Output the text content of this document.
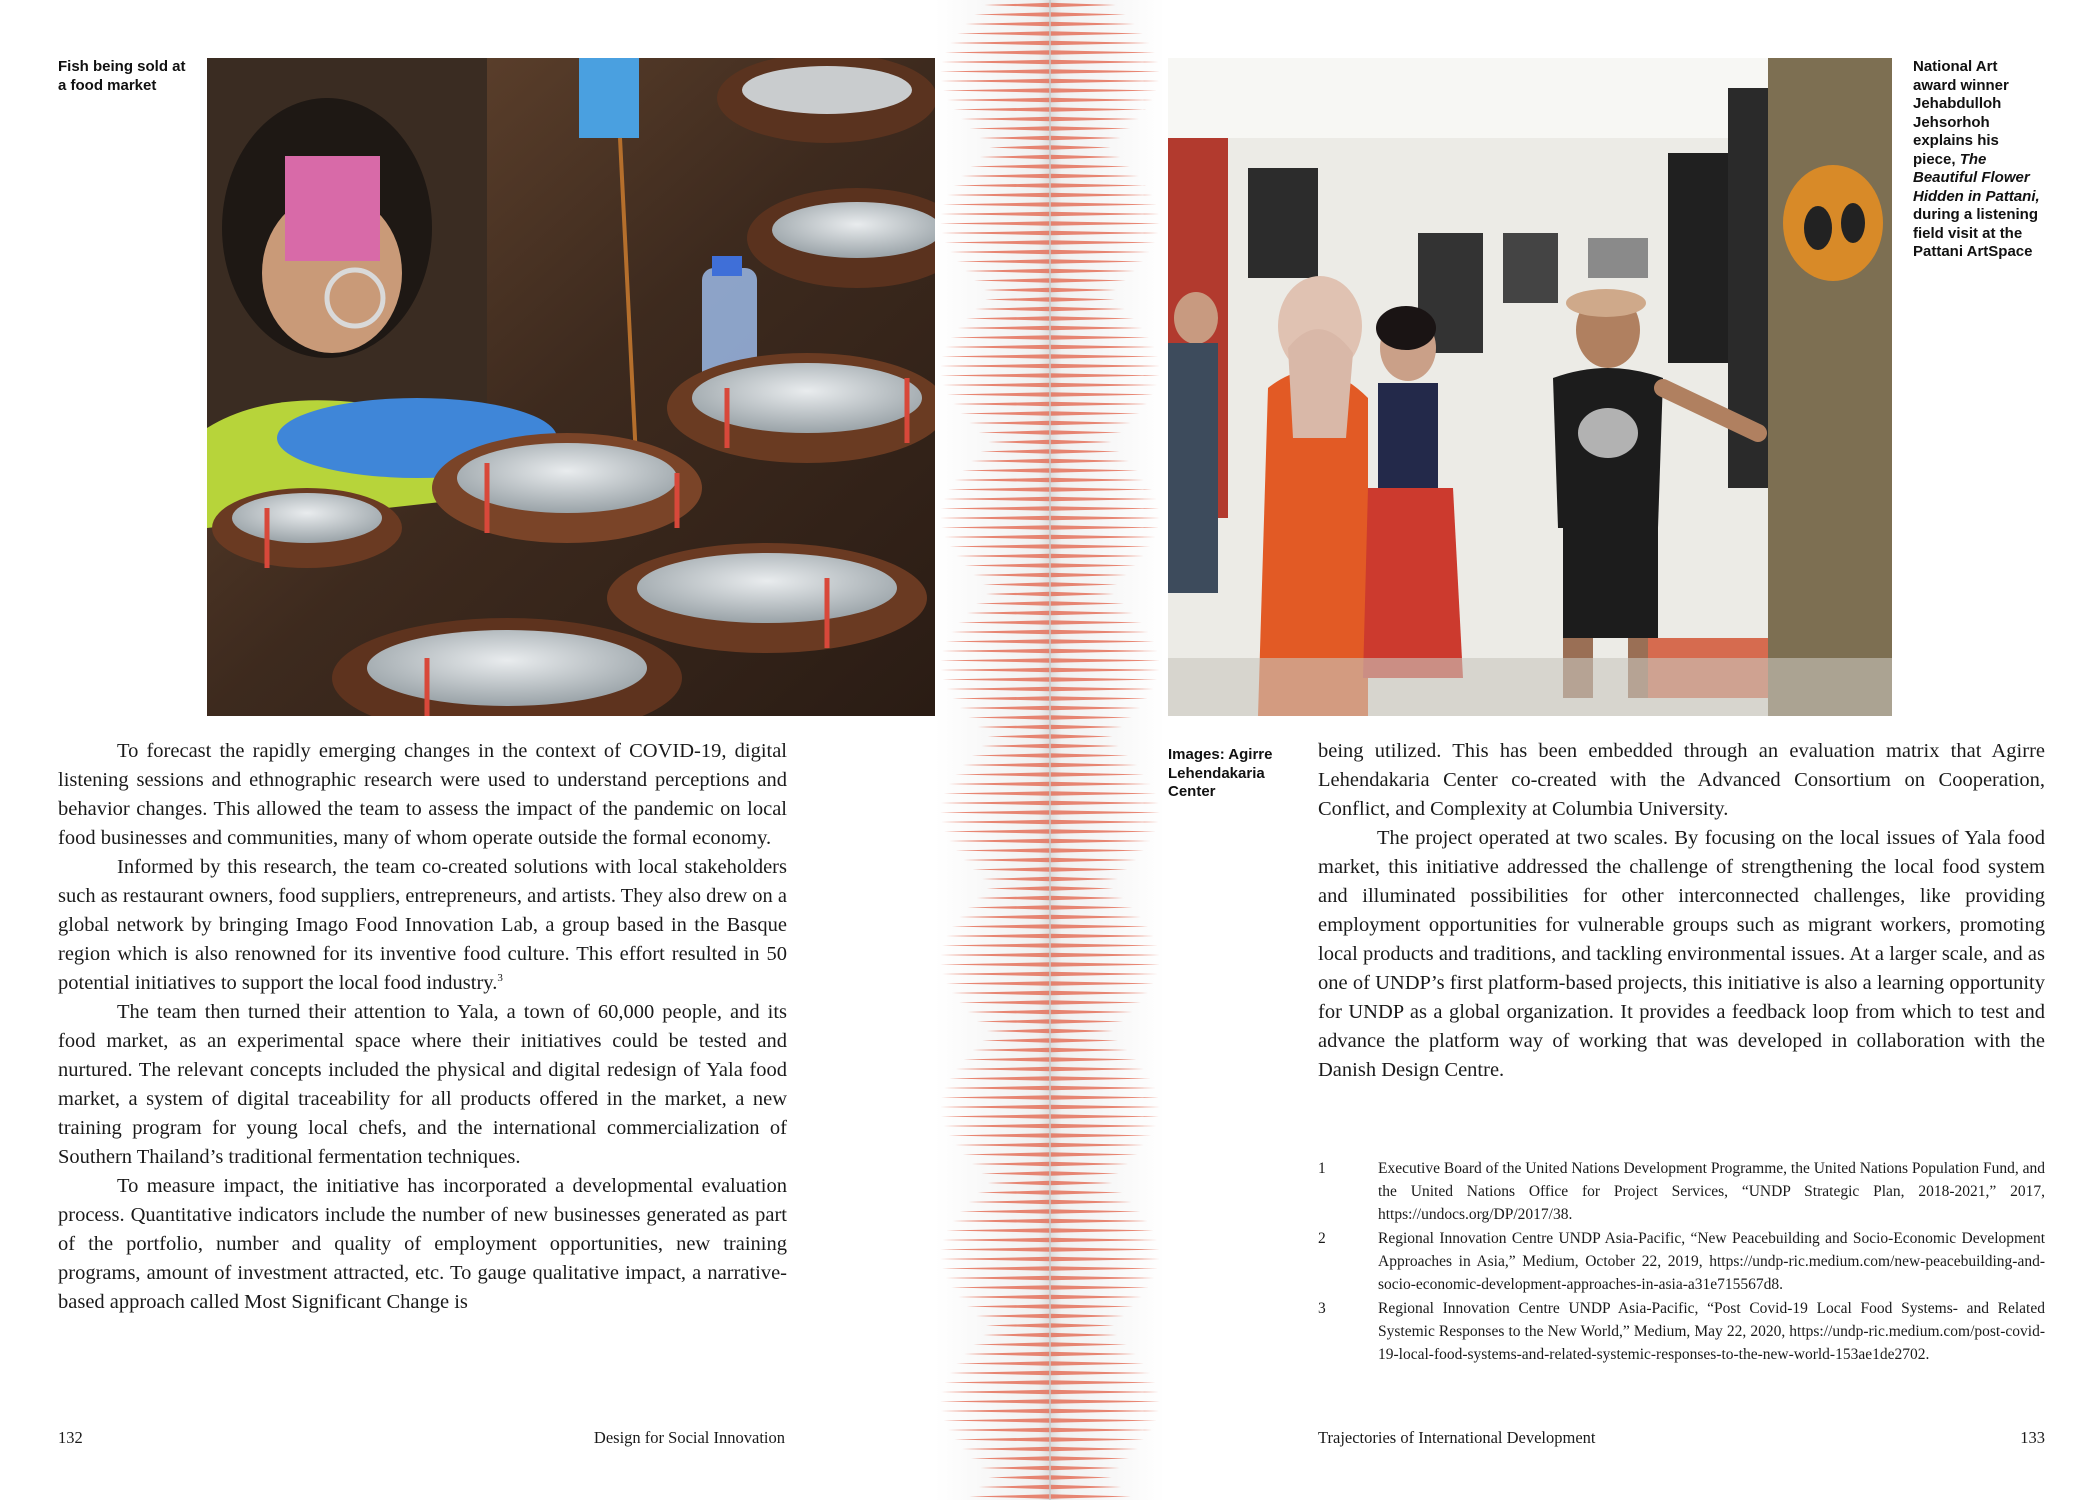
Fish being sold at a food market

To forecast the rapidly emerging changes in the context of COVID-19, digital listening sessions and ethnographic research were used to understand perceptions and behavior changes. This allowed the team to assess the impact of the pandemic on local food businesses and communities, many of whom operate outside the formal economy.

Informed by this research, the team co-created solutions with local stakeholders such as restaurant owners, food suppliers, entrepreneurs, and artists. They also drew on a global network by bringing Imago Food Innovation Lab, a group based in the Basque region which is also renowned for its inventive food culture. This effort resulted in 50 potential initiatives to support the local food industry.$^3$

The team then turned their attention to Yala, a town of 60,000 people, and its food market, as an experimental space where their initiatives could be tested and nurtured. The relevant concepts included the physical and digital redesign of Yala food market, a system of digital traceability for all products offered in the market, a new training program for young local chefs, and the international commercialization of Southern Thailand’s traditional fermentation techniques.

To measure impact, the initiative has incorporated a developmental evaluation process. Quantitative indicators include the number of new businesses generated as part of the portfolio, number and quality of employment opportunities, new training programs, amount of investment attracted, etc. To gauge qualitative impact, a narrative-based approach called Most Significant Change is

132	Design for Social Innovation
National Art award winner Jehabdulloh Jehsorhoh explains his piece, The Beautiful Flower Hidden in Pattani, during a listening field visit at the Pattani ArtSpace
Images: Agirre Lehendakaria Center

being utilized. This has been embedded through an evaluation matrix that Agirre Lehendakaria Center co-created with the Advanced Consortium on Cooperation, Conflict, and Complexity at Columbia University.

The project operated at two scales. By focusing on the local issues of Yala food market, this initiative addressed the challenge of strengthening the local food system and illuminated possibilities for other interconnected challenges, like providing employment opportunities for vulnerable groups such as migrant workers, promoting local products and traditions, and tackling environmental issues. At a larger scale, and as one of UNDP’s first platform-based projects, this initiative is also a learning opportunity for UNDP as a global organization. It provides a feedback loop from which to test and advance the platform way of working that was developed in collaboration with the Danish Design Centre.

1	Executive Board of the United Nations Development Programme, the United Nations Population Fund, and the United Nations Office for Project Services, “UNDP Strategic Plan, 2018-2021,” 2017, https://undocs.org/DP/2017/38.
2	Regional Innovation Centre UNDP Asia-Pacific, “New Peacebuilding and Socio-Economic Development Approaches in Asia,” Medium, October 22, 2019, https://undp-ric.medium.com/new-peacebuilding-and-socio-economic-development-approaches-in-asia-a31e715567d8.
3	Regional Innovation Centre UNDP Asia-Pacific, “Post Covid-19 Local Food Systems- and Related Systemic Responses to the New World,” Medium, May 22, 2020, https://undp-ric.medium.com/post-covid-19-local-food-systems-and-related-systemic-responses-to-the-new-world-153ae1de2702.
Trajectories of International Development	133
